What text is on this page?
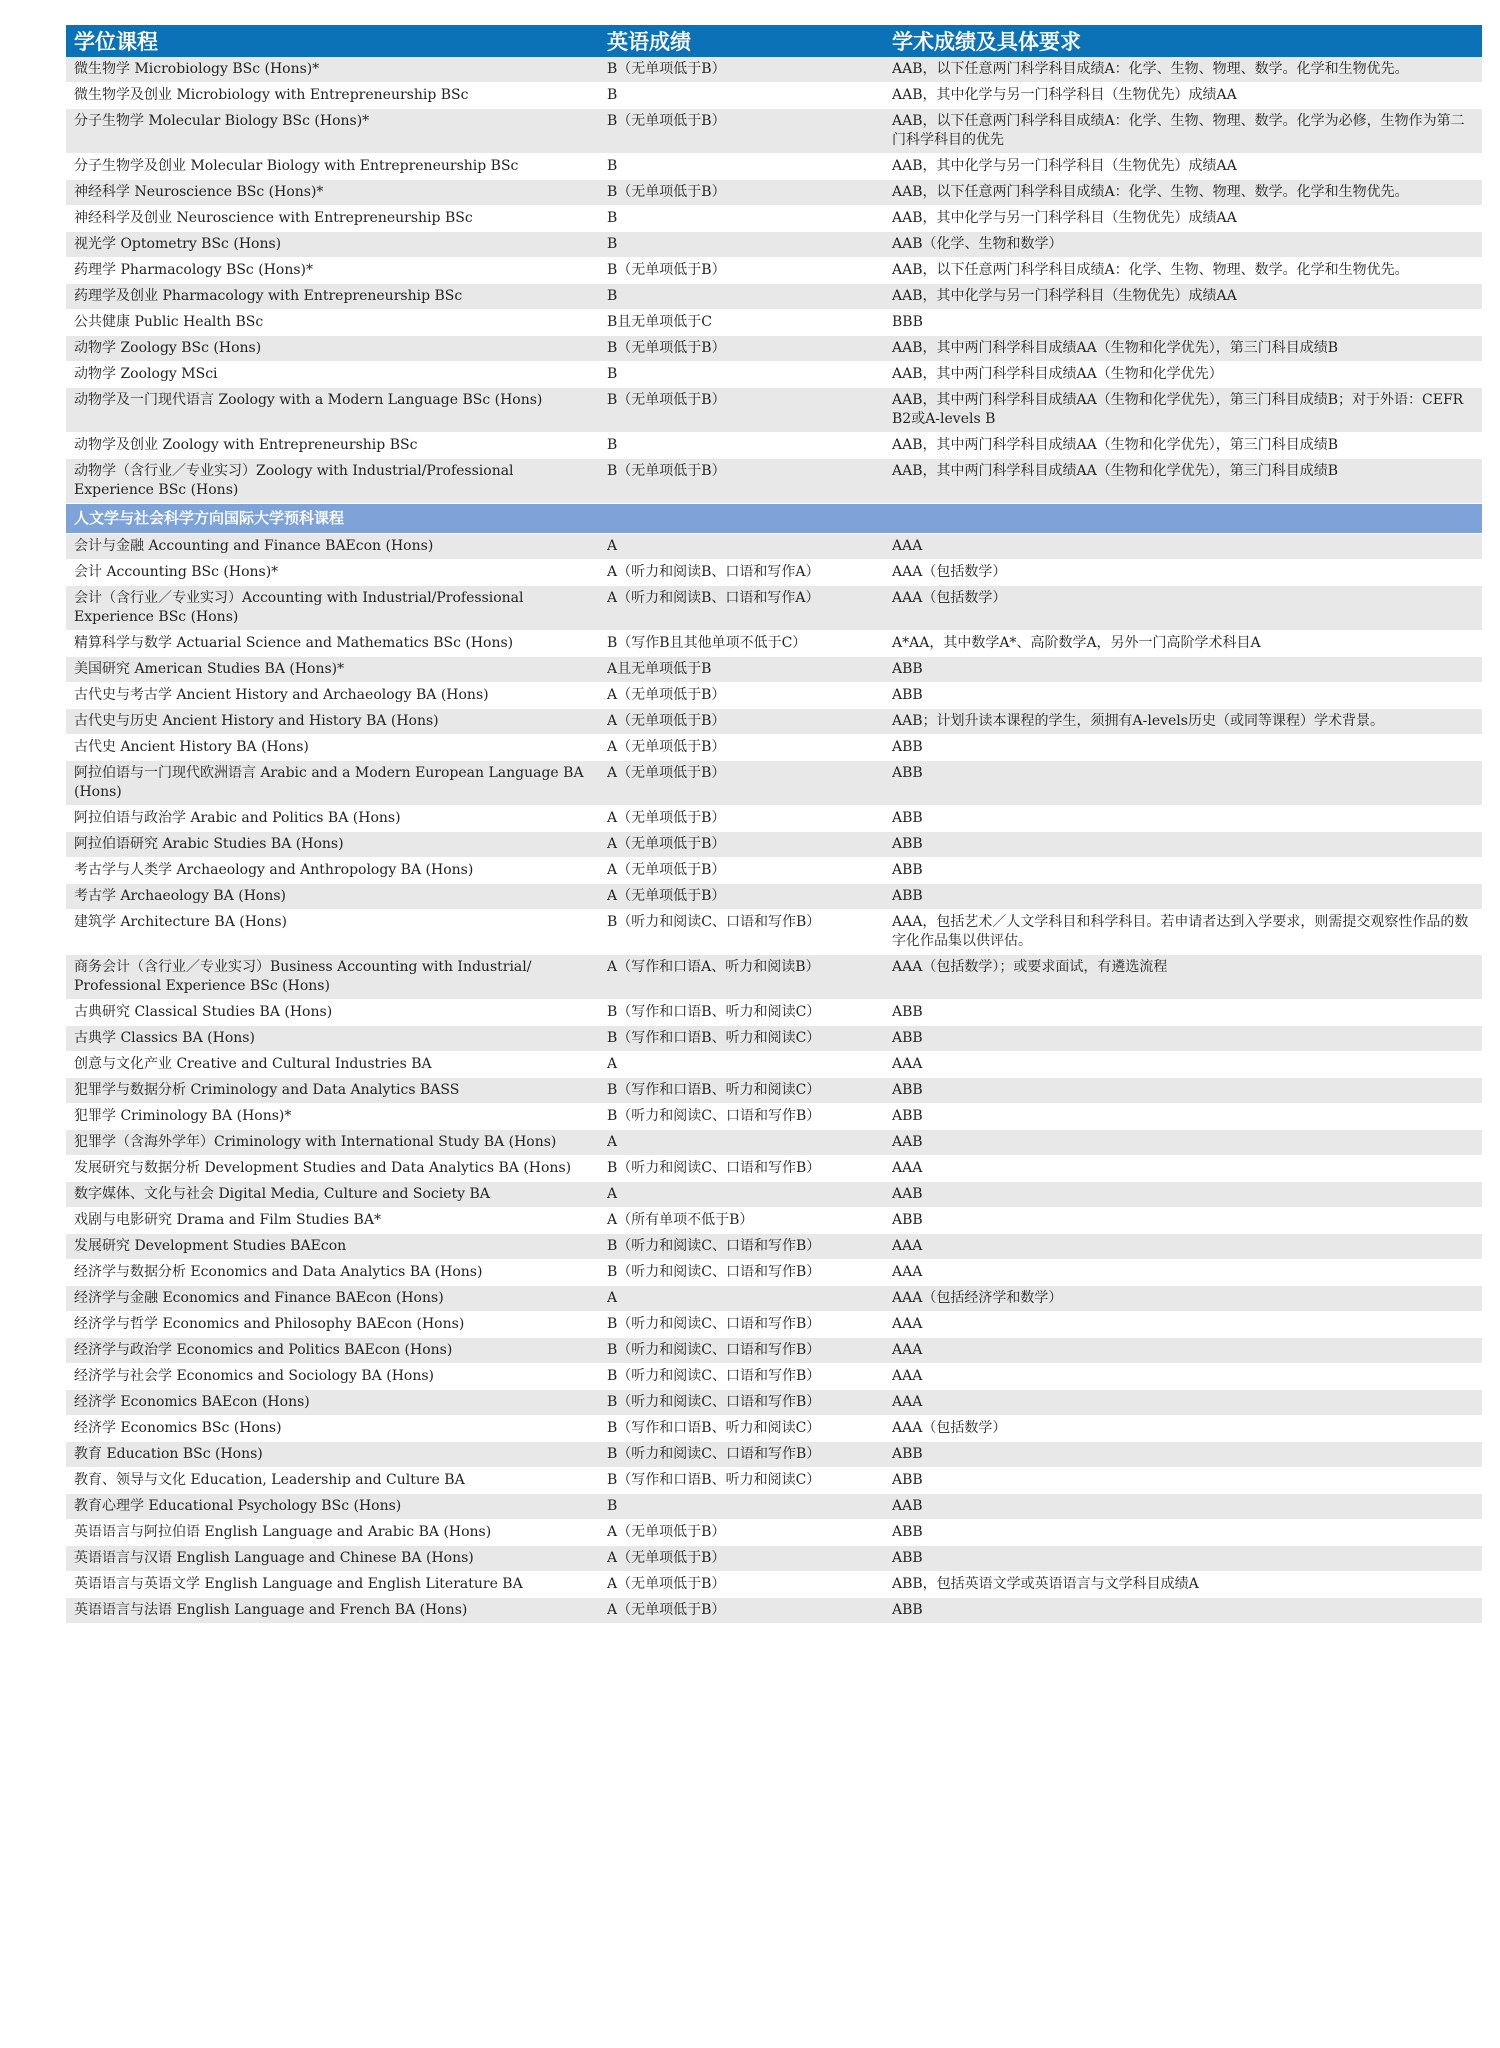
学位课程	英语成绩	学术成绩及具体要求
微生物学 Microbiology BSc (Hons)*	B（无单项低于B）	AAB，以下任意两门科学科目成绩A：化学、生物、物理、数学。化学和生物优先。
微生物学及创业 Microbiology with Entrepreneurship BSc	B	AAB，其中化学与另一门科学科目（生物优先）成绩AA
分子生物学 Molecular Biology BSc (Hons)*	B（无单项低于B）	AAB，以下任意两门科学科目成绩A：化学、生物、物理、数学。化学为必修，生物作为第二门科学科目的优先
分子生物学及创业 Molecular Biology with Entrepreneurship BSc	B	AAB，其中化学与另一门科学科目（生物优先）成绩AA
神经科学 Neuroscience BSc (Hons)*	B（无单项低于B）	AAB，以下任意两门科学科目成绩A：化学、生物、物理、数学。化学和生物优先。
神经科学及创业 Neuroscience with Entrepreneurship BSc	B	AAB，其中化学与另一门科学科目（生物优先）成绩AA
视光学 Optometry BSc (Hons)	B	AAB（化学、生物和数学）
药理学 Pharmacology BSc (Hons)*	B（无单项低于B）	AAB，以下任意两门科学科目成绩A：化学、生物、物理、数学。化学和生物优先。
药理学及创业 Pharmacology with Entrepreneurship BSc	B	AAB，其中化学与另一门科学科目（生物优先）成绩AA
公共健康 Public Health BSc	B且无单项低于C	BBB
动物学 Zoology BSc (Hons)	B（无单项低于B）	AAB，其中两门科学科目成绩AA（生物和化学优先），第三门科目成绩B
动物学 Zoology MSci	B	AAB，其中两门科学科目成绩AA（生物和化学优先）
动物学及一门现代语言 Zoology with a Modern Language BSc (Hons)	B（无单项低于B）	AAB，其中两门科学科目成绩AA（生物和化学优先），第三门科目成绩B；对于外语：CEFR B2或A-levels B
动物学及创业 Zoology with Entrepreneurship BSc	B	AAB，其中两门科学科目成绩AA（生物和化学优先），第三门科目成绩B
动物学（含行业／专业实习）Zoology with Industrial/Professional Experience BSc (Hons)	B（无单项低于B）	AAB，其中两门科学科目成绩AA（生物和化学优先），第三门科目成绩B
人文学与社会科学方向国际大学预科课程		
会计与金融 Accounting and Finance BAEcon (Hons)	A	AAA
会计 Accounting BSc (Hons)*	A（听力和阅读B、口语和写作A）	AAA（包括数学）
会计（含行业／专业实习）Accounting with Industrial/Professional Experience BSc (Hons)	A（听力和阅读B、口语和写作A）	AAA（包括数学）
精算科学与数学 Actuarial Science and Mathematics BSc (Hons)	B（写作B且其他单项不低于C）	A*AA，其中数学A*、高阶数学A，另外一门高阶学术科目A
美国研究 American Studies BA (Hons)*	A且无单项低于B	ABB
古代史与考古学 Ancient History and Archaeology BA (Hons)	A（无单项低于B）	ABB
古代史与历史 Ancient History and History BA (Hons)	A（无单项低于B）	AAB；计划升读本课程的学生，须拥有A-levels历史（或同等课程）学术背景。
古代史 Ancient History BA (Hons)	A（无单项低于B）	ABB
阿拉伯语与一门现代欧洲语言 Arabic and a Modern European Language BA (Hons)	A（无单项低于B）	ABB
阿拉伯语与政治学 Arabic and Politics BA (Hons)	A（无单项低于B）	ABB
阿拉伯语研究 Arabic Studies BA (Hons)	A（无单项低于B）	ABB
考古学与人类学 Archaeology and Anthropology BA (Hons)	A（无单项低于B）	ABB
考古学 Archaeology BA (Hons)	A（无单项低于B）	ABB
建筑学 Architecture BA (Hons)	B（听力和阅读C、口语和写作B）	AAA，包括艺术／人文学科目和科学科目。若申请者达到入学要求，则需提交观察性作品的数字化作品集以供评估。
商务会计（含行业／专业实习）Business Accounting with Industrial/ Professional Experience BSc (Hons)	A（写作和口语A、听力和阅读B）	AAA（包括数学）；或要求面试，有遴选流程
古典研究 Classical Studies BA (Hons)	B（写作和口语B、听力和阅读C）	ABB
古典学 Classics BA (Hons)	B（写作和口语B、听力和阅读C）	ABB
创意与文化产业 Creative and Cultural Industries BA	A	AAA
犯罪学与数据分析 Criminology and Data Analytics BASS	B（写作和口语B、听力和阅读C）	ABB
犯罪学 Criminology BA (Hons)*	B（听力和阅读C、口语和写作B）	ABB
犯罪学（含海外学年）Criminology with International Study BA (Hons)	A	AAB
发展研究与数据分析 Development Studies and Data Analytics BA (Hons)	B（听力和阅读C、口语和写作B）	AAA
数字媒体、文化与社会 Digital Media, Culture and Society BA	A	AAB
戏剧与电影研究 Drama and Film Studies BA*	A（所有单项不低于B）	ABB
发展研究 Development Studies BAEcon	B（听力和阅读C、口语和写作B）	AAA
经济学与数据分析 Economics and Data Analytics BA (Hons)	B（听力和阅读C、口语和写作B）	AAA
经济学与金融 Economics and Finance BAEcon (Hons)	A	AAA（包括经济学和数学）
经济学与哲学 Economics and Philosophy BAEcon (Hons)	B（听力和阅读C、口语和写作B）	AAA
经济学与政治学 Economics and Politics BAEcon (Hons)	B（听力和阅读C、口语和写作B）	AAA
经济学与社会学 Economics and Sociology BA (Hons)	B（听力和阅读C、口语和写作B）	AAA
经济学 Economics BAEcon (Hons)	B（听力和阅读C、口语和写作B）	AAA
经济学 Economics BSc (Hons)	B（写作和口语B、听力和阅读C）	AAA（包括数学）
教育 Education BSc (Hons)	B（听力和阅读C、口语和写作B）	ABB
教育、领导与文化 Education, Leadership and Culture BA	B（写作和口语B、听力和阅读C）	ABB
教育心理学 Educational Psychology BSc (Hons)	B	AAB
英语语言与阿拉伯语 English Language and Arabic BA (Hons)	A（无单项低于B）	ABB
英语语言与汉语 English Language and Chinese BA (Hons)	A（无单项低于B）	ABB
英语语言与英语文学 English Language and English Literature BA	A（无单项低于B）	ABB，包括英语文学或英语语言与文学科目成绩A
英语语言与法语 English Language and French BA (Hons)	A（无单项低于B）	ABB
